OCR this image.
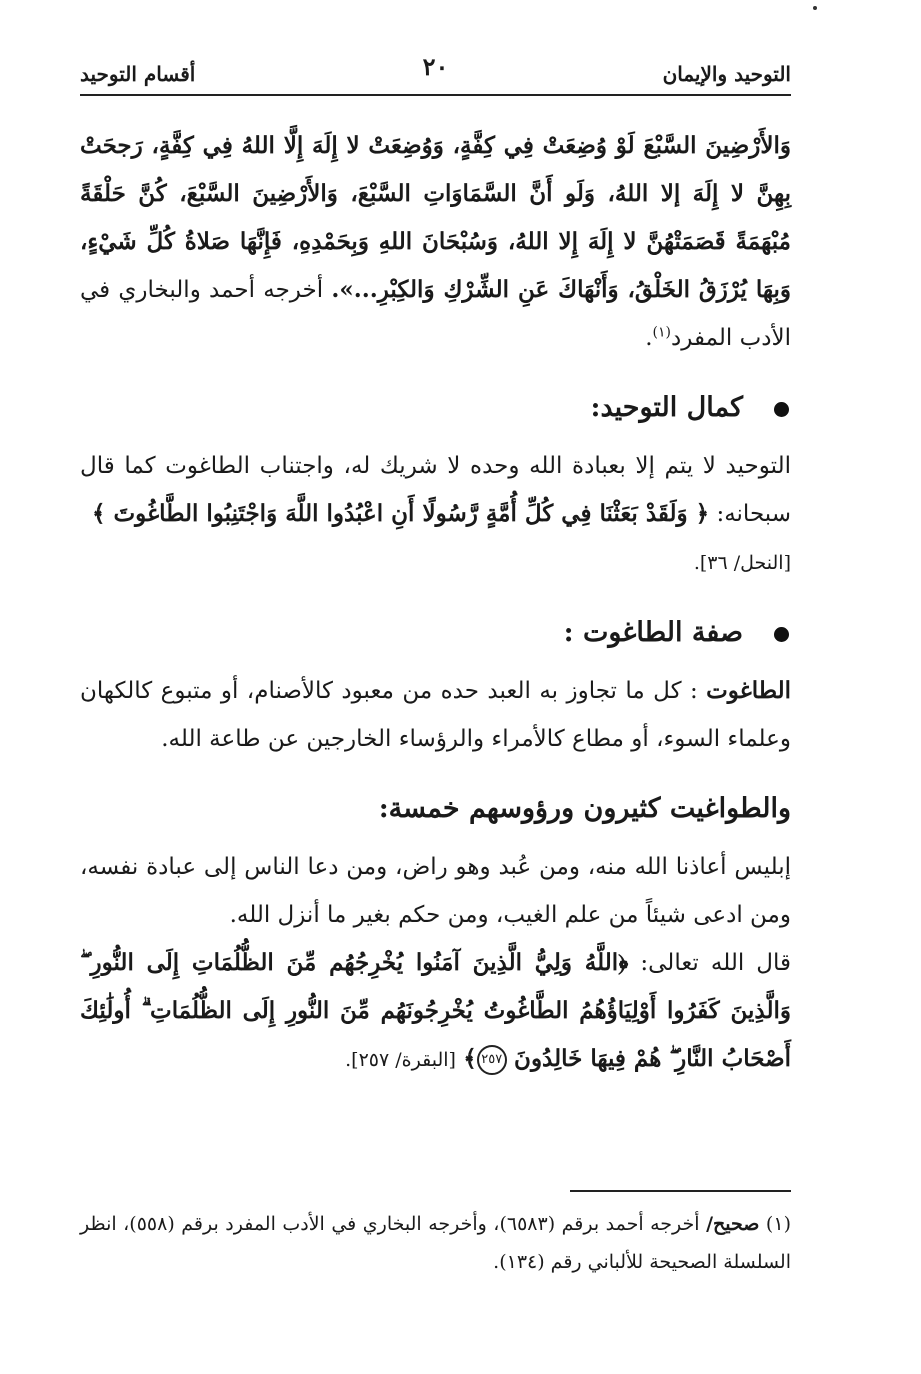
التوحيد والإيمان
٢٠
أقسام التوحيد

وَالأَرْضِينَ السَّبْعَ لَوْ وُضِعَتْ فِي كِفَّةٍ، وَوُضِعَتْ لا إِلَهَ إِلَّا اللهُ فِي كِفَّةٍ، رَجحَتْ بِهِنَّ لا إِلَهَ إلا اللهُ، وَلَو أَنَّ السَّمَاوَاتِ السَّبْعَ، وَالأَرْضِينَ السَّبْعَ، كُنَّ حَلْقَةً مُبْهَمَةً قَصَمَتْهُنَّ لا إِلَهَ إِلا اللهُ، وَسُبْحَانَ اللهِ وَبِحَمْدِهِ، فَإِنَّهَا صَلاةُ كُلِّ شَيْءٍ، وَبِهَا يُرْزَقُ الخَلْقُ، وَأَنْهَاكَ عَنِ الشِّرْكِ وَالكِبْرِ...». أخرجه أحمد والبخاري في الأدب المفرد$^{(١)}$.

كمال التوحيد:

التوحيد لا يتم إلا بعبادة الله وحده لا شريك له، واجتناب الطاغوت كما قال سبحانه: ﴿ وَلَقَدْ بَعَثْنَا فِي كُلِّ أُمَّةٍ رَّسُولًا أَنِ اعْبُدُوا اللَّهَ وَاجْتَنِبُوا الطَّاغُوتَ ﴾

[النحل/ ٣٦].

صفة الطاغوت :

الطاغوت : كل ما تجاوز به العبد حده من معبود كالأصنام، أو متبوع كالكهان وعلماء السوء، أو مطاع كالأمراء والرؤساء الخارجين عن طاعة الله.

والطواغيت كثيرون ورؤوسهم خمسة:

إبليس أعاذنا الله منه، ومن عُبد وهو راض، ومن دعا الناس إلى عبادة نفسه، ومن ادعى شيئاً من علم الغيب، ومن حكم بغير ما أنزل الله.

قال الله تعالى: ﴿اللَّهُ وَلِيُّ الَّذِينَ آمَنُوا يُخْرِجُهُم مِّنَ الظُّلُمَاتِ إِلَى النُّورِ ۖ وَالَّذِينَ كَفَرُوا أَوْلِيَاؤُهُمُ الطَّاغُوتُ يُخْرِجُونَهُم مِّنَ النُّورِ إِلَى الظُّلُمَاتِ ۗ أُولَٰئِكَ أَصْحَابُ النَّارِ ۖ هُمْ فِيهَا خَالِدُونَ ٢٥٧﴾ [البقرة/ ٢٥٧].

(١) صحيح/ أخرجه أحمد برقم (٦٥٨٣)، وأخرجه البخاري في الأدب المفرد برقم (٥٥٨)، انظر السلسلة الصحيحة للألباني رقم (١٣٤).
